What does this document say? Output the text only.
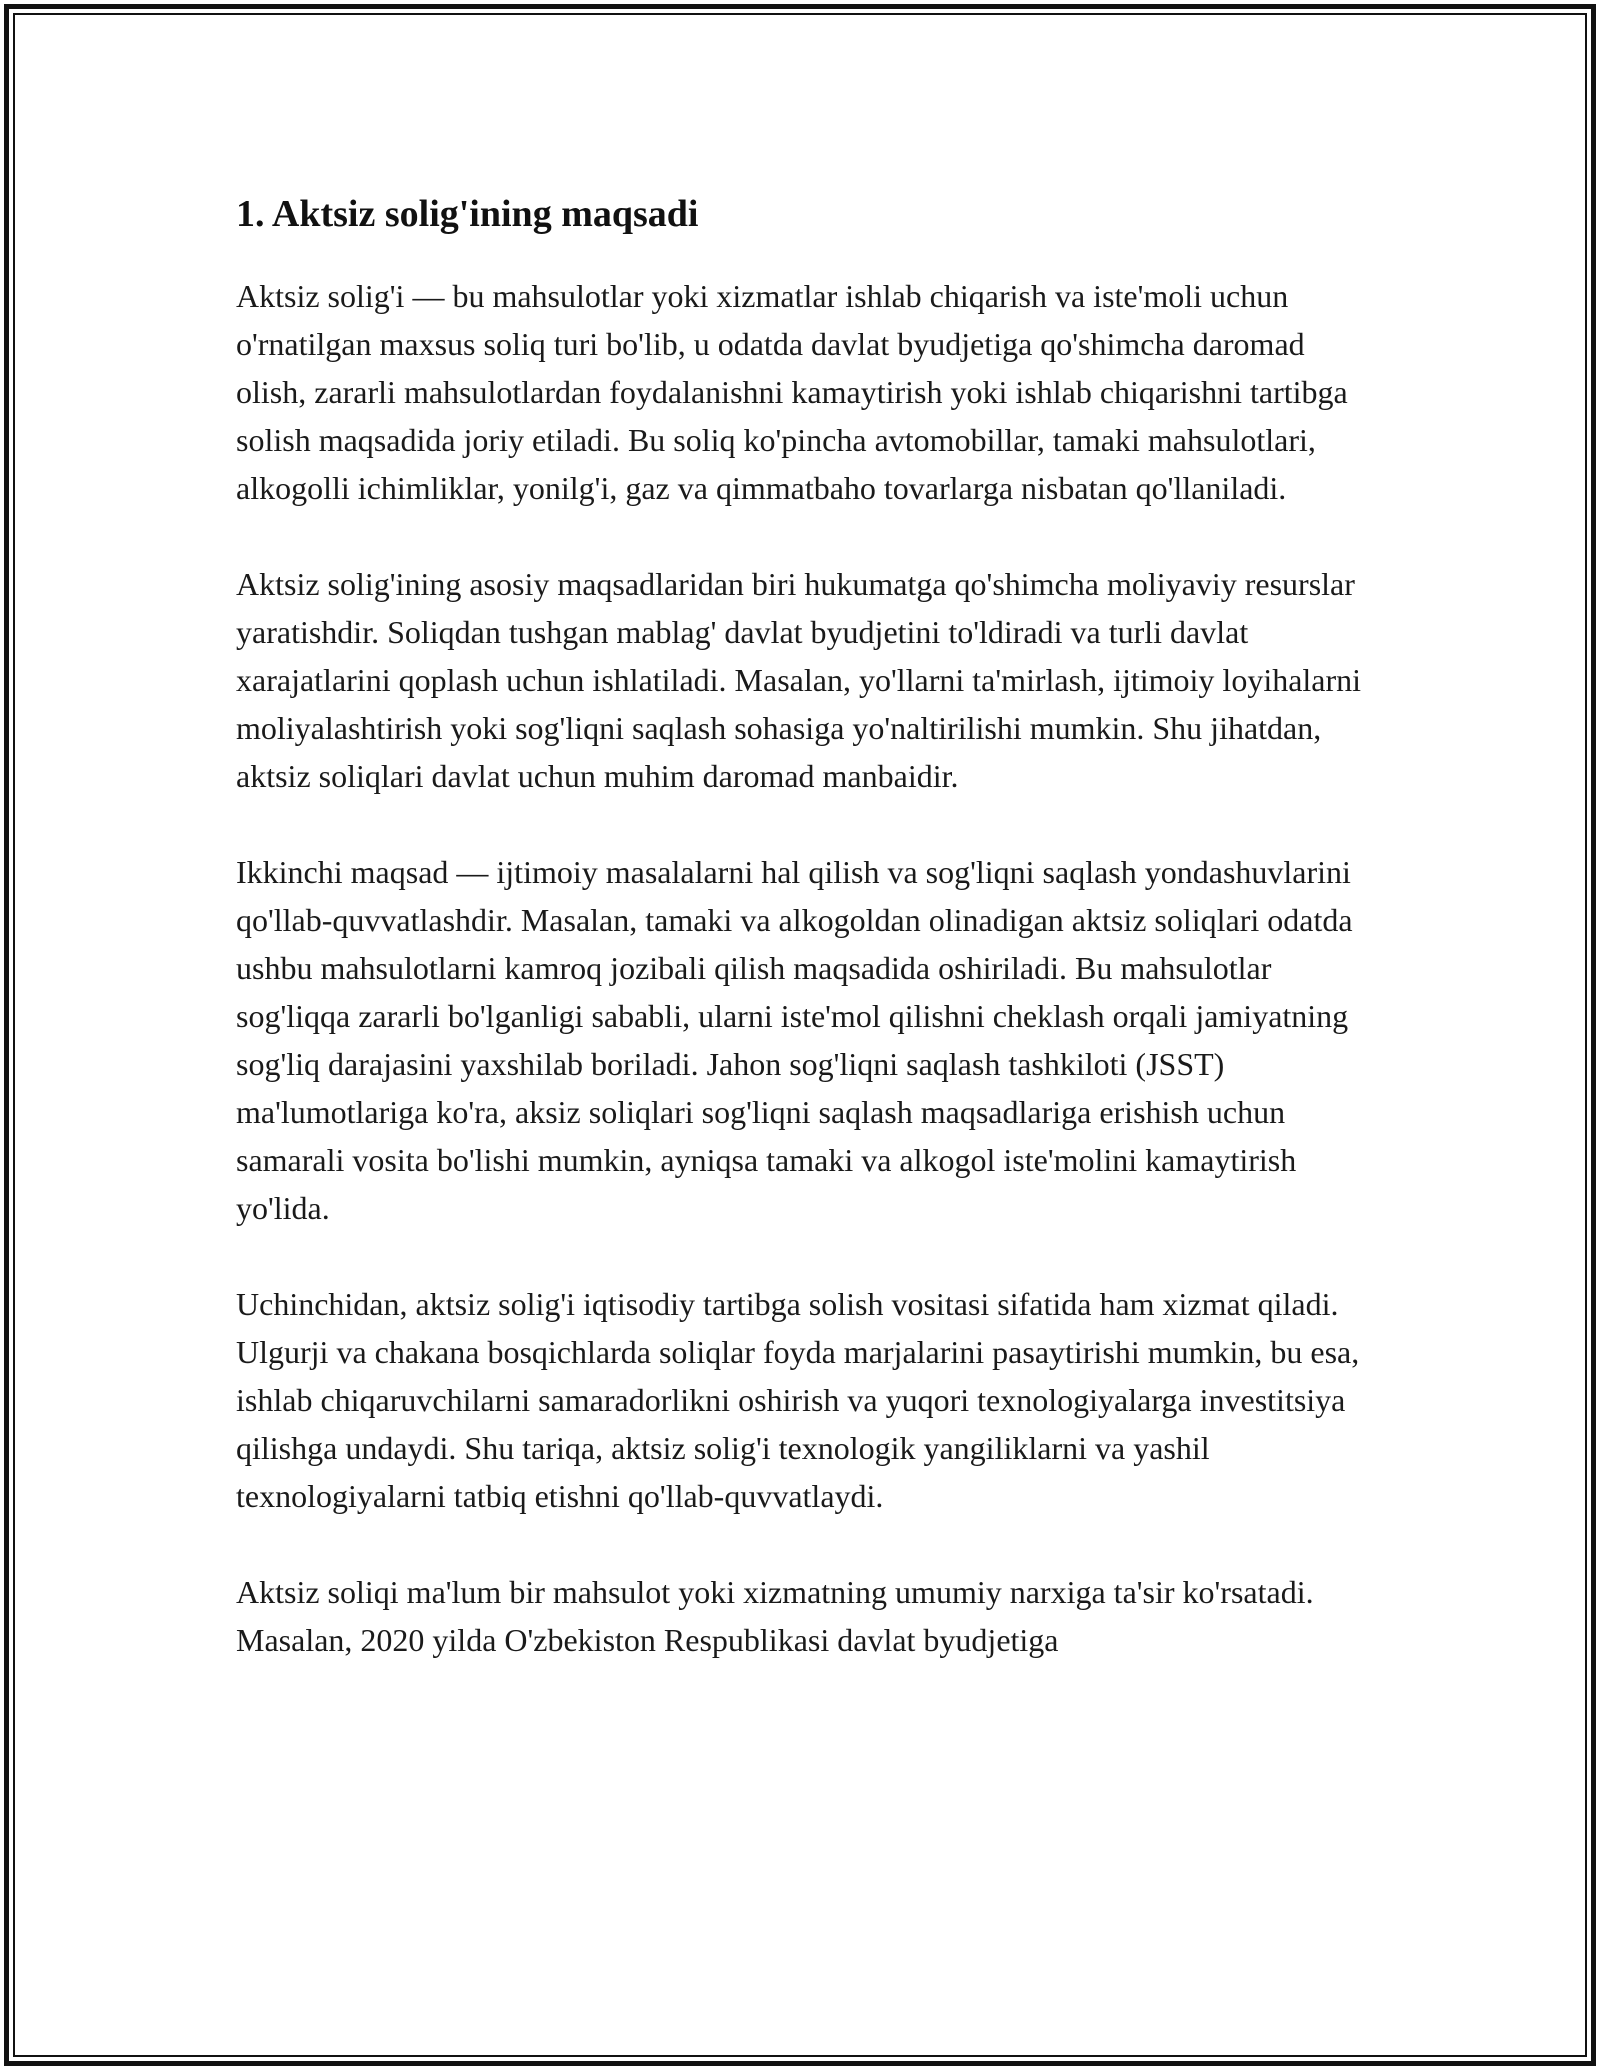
1. Aktsiz solig'ining maqsadi

Aktsiz solig'i — bu mahsulotlar yoki xizmatlar ishlab chiqarish va iste'moli uchun o'rnatilgan maxsus soliq turi bo'lib, u odatda davlat byudjetiga qo'shimcha daromad olish, zararli mahsulotlardan foydalanishni kamaytirish yoki ishlab chiqarishni tartibga solish maqsadida joriy etiladi. Bu soliq ko'pincha avtomobillar, tamaki mahsulotlari, alkogolli ichimliklar, yonilg'i, gaz va qimmatbaho tovarlarga nisbatan qo'llaniladi.

Aktsiz solig'ining asosiy maqsadlaridan biri hukumatga qo'shimcha moliyaviy resurslar yaratishdir. Soliqdan tushgan mablag' davlat byudjetini to'ldiradi va turli davlat xarajatlarini qoplash uchun ishlatiladi. Masalan, yo'llarni ta'mirlash, ijtimoiy loyihalarni moliyalashtirish yoki sog'liqni saqlash sohasiga yo'naltirilishi mumkin. Shu jihatdan, aktsiz soliqlari davlat uchun muhim daromad manbaidir.

Ikkinchi maqsad — ijtimoiy masalalarni hal qilish va sog'liqni saqlash yondashuvlarini qo'llab-quvvatlashdir. Masalan, tamaki va alkogoldan olinadigan aktsiz soliqlari odatda ushbu mahsulotlarni kamroq jozibali qilish maqsadida oshiriladi. Bu mahsulotlar sog'liqqa zararli bo'lganligi sababli, ularni iste'mol qilishni cheklash orqali jamiyatning sog'liq darajasini yaxshilab boriladi. Jahon sog'liqni saqlash tashkiloti (JSST) ma'lumotlariga ko'ra, aksiz soliqlari sog'liqni saqlash maqsadlariga erishish uchun samarali vosita bo'lishi mumkin, ayniqsa tamaki va alkogol iste'molini kamaytirish yo'lida.

Uchinchidan, aktsiz solig'i iqtisodiy tartibga solish vositasi sifatida ham xizmat qiladi. Ulgurji va chakana bosqichlarda soliqlar foyda marjalarini pasaytirishi mumkin, bu esa, ishlab chiqaruvchilarni samaradorlikni oshirish va yuqori texnologiyalarga investitsiya qilishga undaydi. Shu tariqa, aktsiz solig'i texnologik yangiliklarni va yashil texnologiyalarni tatbiq etishni qo'llab-quvvatlaydi.

Aktsiz soliqi ma'lum bir mahsulot yoki xizmatning umumiy narxiga ta'sir ko'rsatadi. Masalan, 2020 yilda O'zbekiston Respublikasi davlat byudjetiga
